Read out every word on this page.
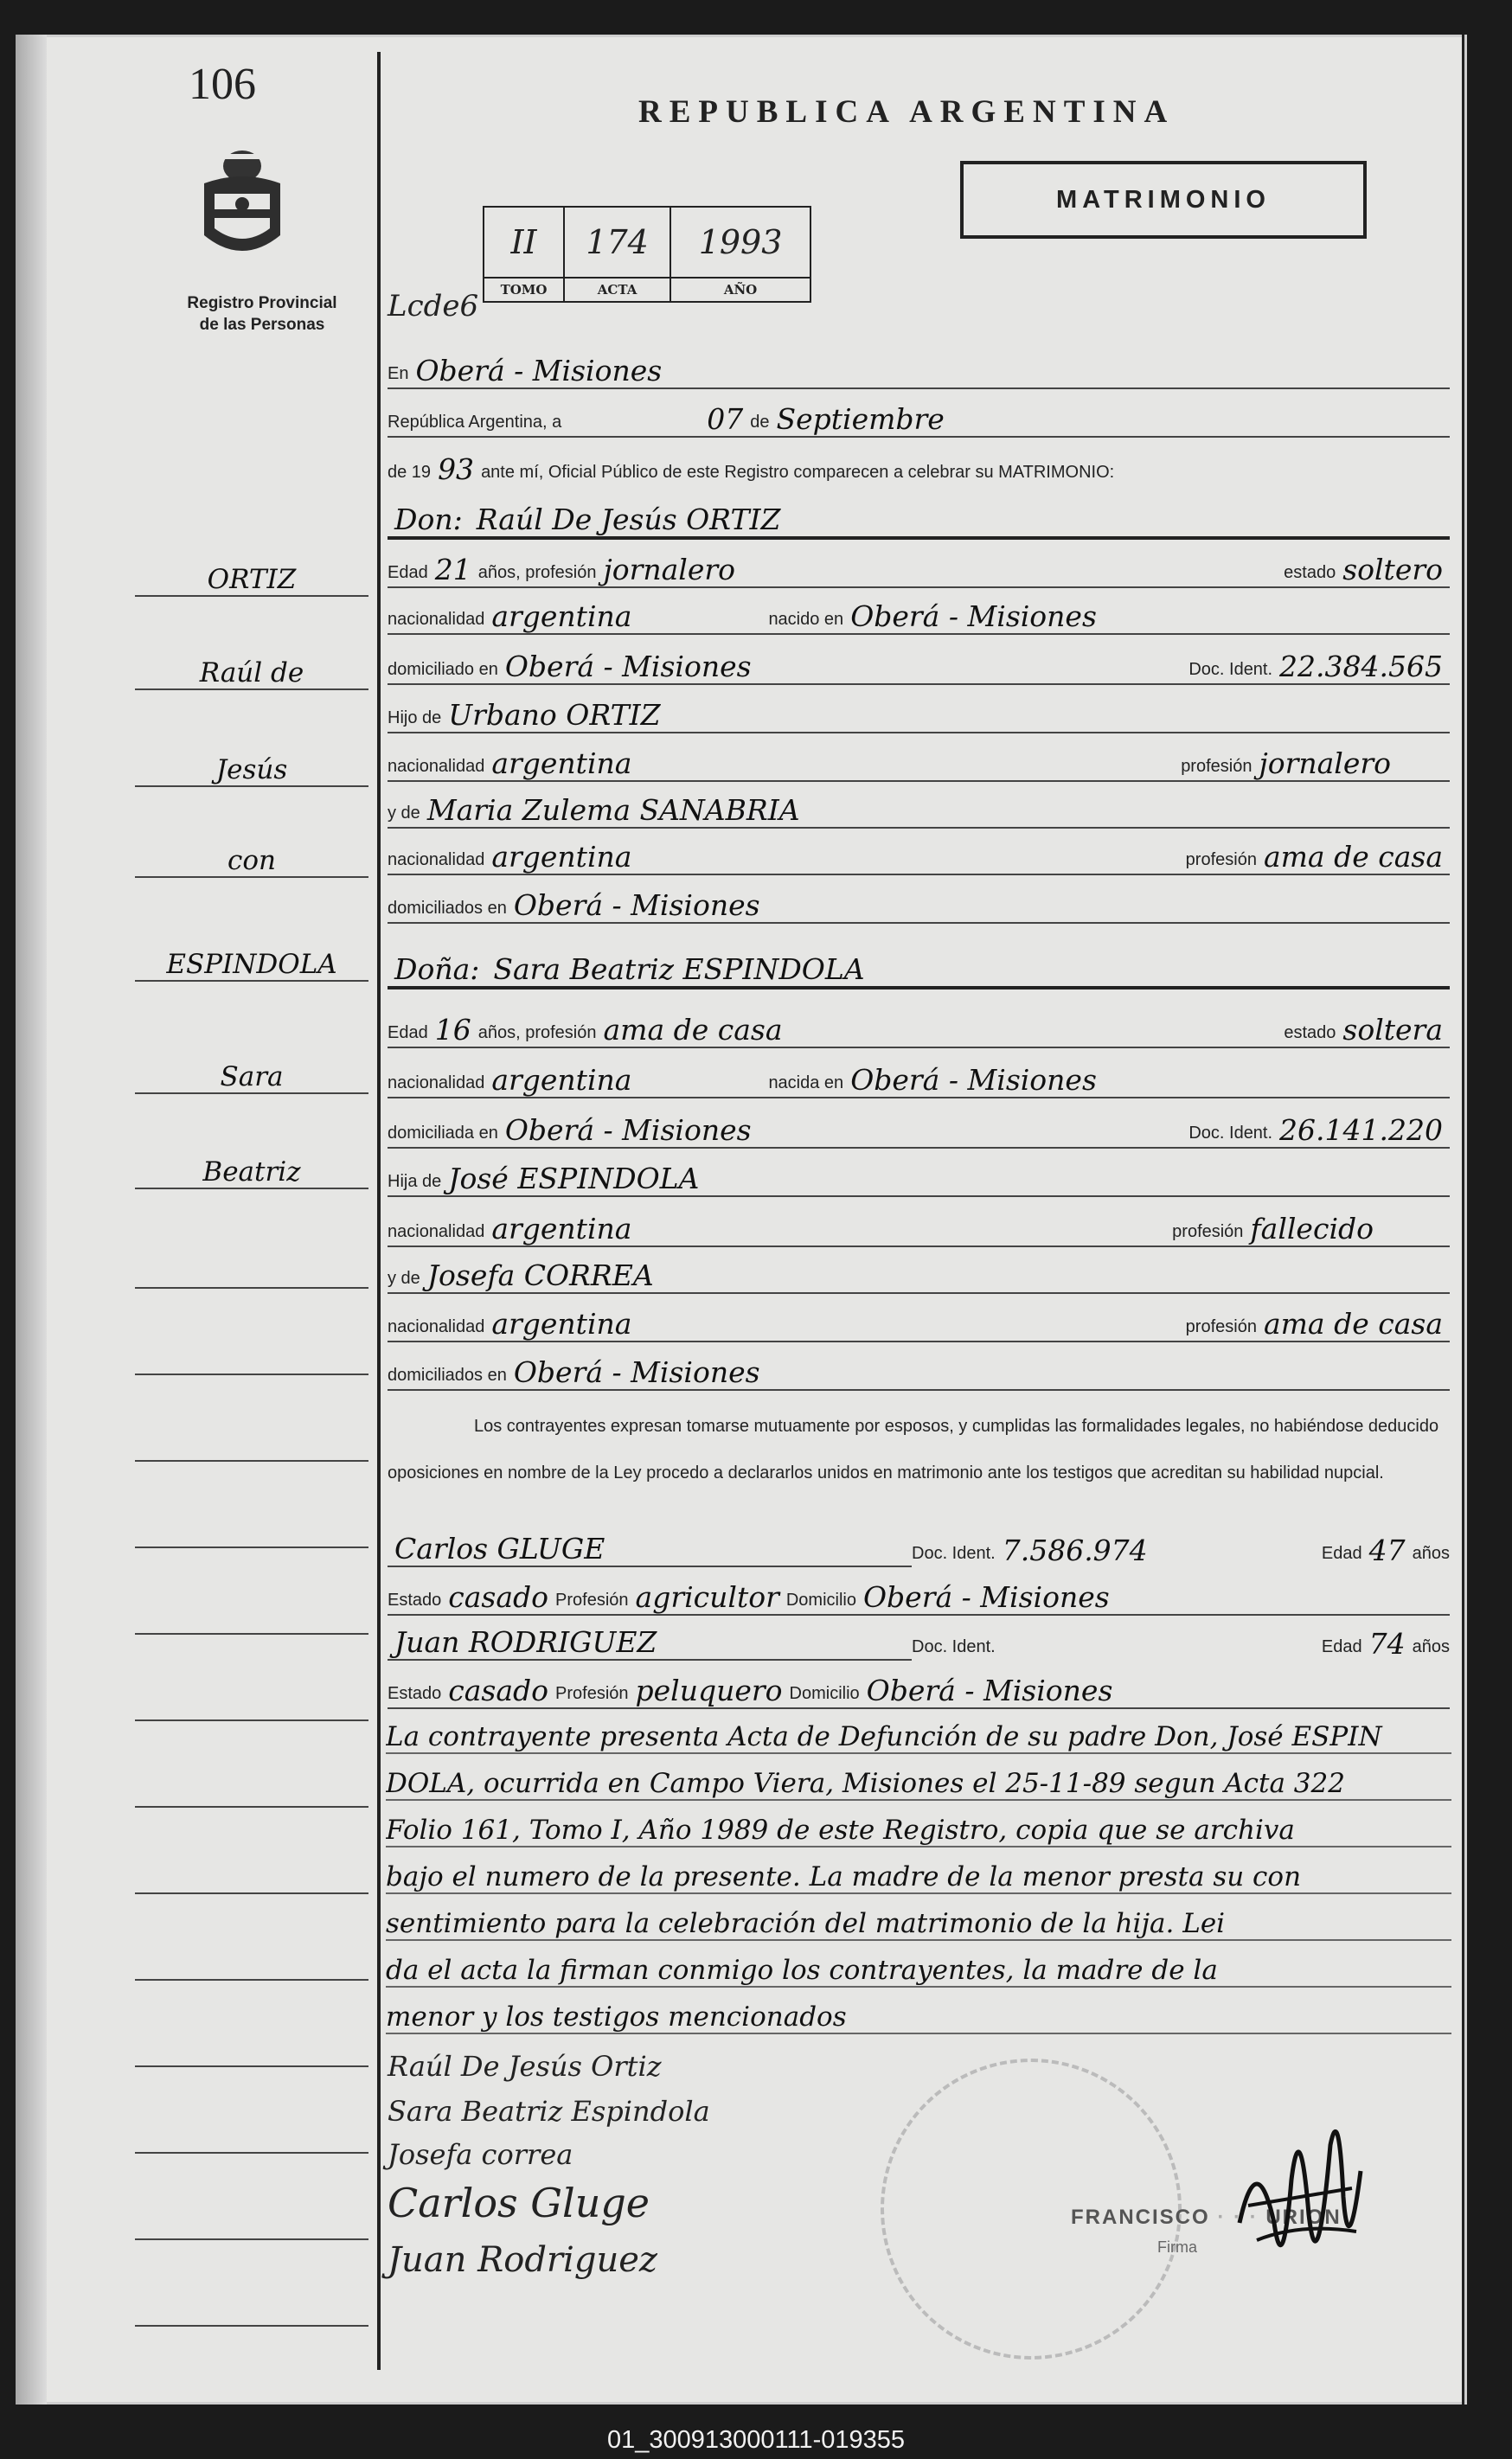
106
Registro Provincial
de las Personas
REPUBLICA ARGENTINA
MATRIMONIO
Lcde6
II	174	1993
TOMO	ACTA	AÑO
ORTIZ
Raúl de
Jesús
con
ESPINDOLA
Sara
Beatriz
En Oberá - Misiones
República Argentina, a	07 de Septiembre
de 19 93 ante mí, Oficial Público de este Registro comparecen a celebrar su MATRIMONIO:
Don: Raúl De Jesús ORTIZ
Edad 21 años, profesión jornalero	estado soltero
nacionalidad argentina	nacido en Oberá - Misiones
domiciliado en Oberá - Misiones	Doc. Ident. 22.384.565
Hijo de Urbano ORTIZ
nacionalidad argentina	profesión jornalero
y de Maria Zulema SANABRIA
nacionalidad argentina	profesión ama de casa
domiciliados en Oberá - Misiones
Doña: Sara Beatriz ESPINDOLA
Edad 16 años, profesión ama de casa	estado soltera
nacionalidad argentina	nacida en Oberá - Misiones
domiciliada en Oberá - Misiones	Doc. Ident. 26.141.220
Hija de José ESPINDOLA
nacionalidad argentina	profesión fallecido
y de Josefa CORREA
nacionalidad argentina	profesión ama de casa
domiciliados en Oberá - Misiones
Los contrayentes expresan tomarse mutuamente por esposos, y cumplidas las formalidades legales, no habiéndose deducido oposiciones en nombre de la Ley procedo a declararlos unidos en matrimonio ante los testigos que acreditan su habilidad nupcial.
Carlos GLUGE	Doc. Ident. 7.586.974	Edad 47 años
Estado casado Profesión agricultor Domicilio Oberá - Misiones
Juan RODRIGUEZ	Doc. Ident.	Edad 74 años
Estado casado Profesión peluquero Domicilio Oberá - Misiones
La contrayente presenta Acta de Defunción de su padre Don, José ESPIN
DOLA, ocurrida en Campo Viera, Misiones el 25-11-89 segun Acta 322
Folio 161, Tomo I, Año 1989 de este Registro, copia que se archiva
bajo el numero de la presente. La madre de la menor presta su con
sentimiento para la celebración del matrimonio de la hija. Lei
da el acta la firman conmigo los contrayentes, la madre de la
menor y los testigos mencionados
FRANCISCO · · · URION
Firma
Raúl De Jesús Ortiz
Sara Beatriz Espindola
Josefa correa
Carlos Gluge
Juan Rodriguez
01_300913000111-019355
